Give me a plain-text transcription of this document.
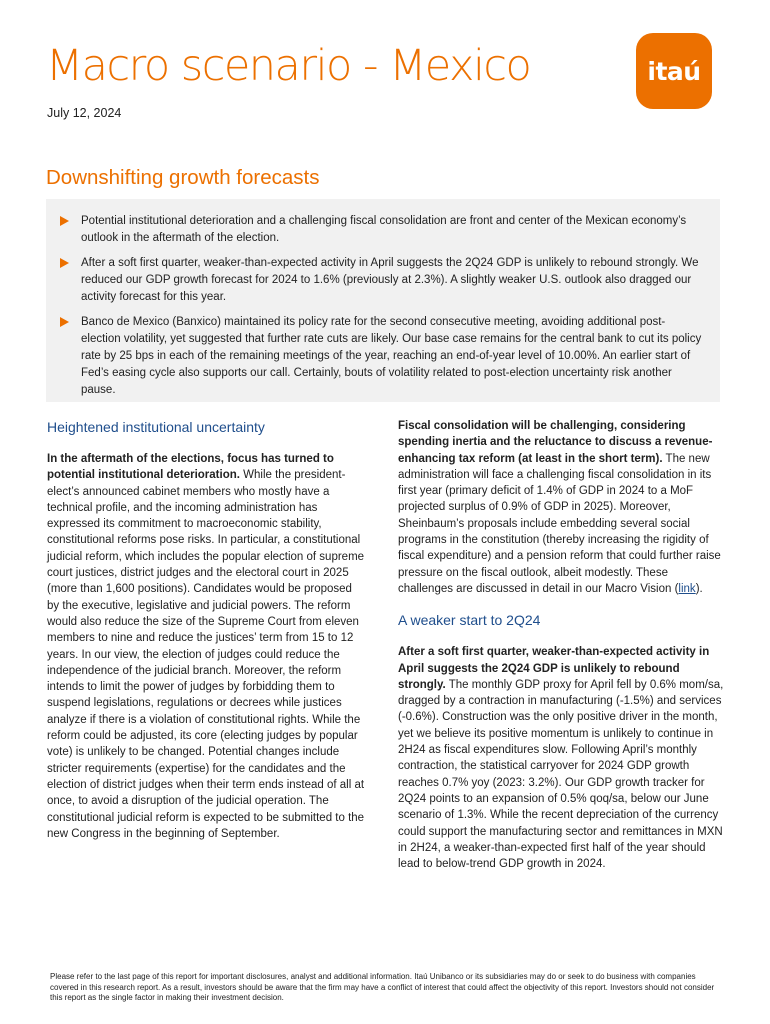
Macro scenario - Mexico
July 12, 2024
itaú
Downshifting growth forecasts

Potential institutional deterioration and a challenging fiscal consolidation are front and center of the Mexican economy’s outlook in the aftermath of the election.

After a soft first quarter, weaker-than-expected activity in April suggests the 2Q24 GDP is unlikely to rebound strongly. We reduced our GDP growth forecast for 2024 to 1.6% (previously at 2.3%). A slightly weaker U.S. outlook also dragged our activity forecast for this year.

Banco de Mexico (Banxico) maintained its policy rate for the second consecutive meeting, avoiding additional post-election volatility, yet suggested that further rate cuts are likely. Our base case remains for the central bank to cut its policy rate by 25 bps in each of the remaining meetings of the year, reaching an end-of-year level of 10.00%. An earlier start of Fed’s easing cycle also supports our call. Certainly, bouts of volatility related to post-election uncertainty risk another pause.

Heightened institutional uncertainty

In the aftermath of the elections, focus has turned to potential institutional deterioration. While the president-elect’s announced cabinet members who mostly have a technical profile, and the incoming administration has expressed its commitment to macroeconomic stability, constitutional reforms pose risks. In particular, a constitutional judicial reform, which includes the popular election of supreme court justices, district judges and the electoral court in 2025 (more than 1,600 positions). Candidates would be proposed by the executive, legislative and judicial powers. The reform would also reduce the size of the Supreme Court from eleven members to nine and reduce the justices’ term from 15 to 12 years. In our view, the election of judges could reduce the independence of the judicial branch. Moreover, the reform intends to limit the power of judges by forbidding them to suspend legislations, regulations or decrees while justices analyze if there is a violation of constitutional rights. While the reform could be adjusted, its core (electing judges by popular vote) is unlikely to be changed. Potential changes include stricter requirements (expertise) for the candidates and the election of district judges when their term ends instead of all at once, to avoid a disruption of the judicial operation. The constitutional judicial reform is expected to be submitted to the new Congress in the beginning of September.

Fiscal consolidation will be challenging, considering spending inertia and the reluctance to discuss a revenue-enhancing tax reform (at least in the short term). The new administration will face a challenging fiscal consolidation in its first year (primary deficit of 1.4% of GDP in 2024 to a MoF projected surplus of 0.9% of GDP in 2025). Moreover, Sheinbaum’s proposals include embedding several social programs in the constitution (thereby increasing the rigidity of fiscal expenditure) and a pension reform that could further raise pressure on the fiscal outlook, albeit modestly. These challenges are discussed in detail in our Macro Vision (link).

A weaker start to 2Q24

After a soft first quarter, weaker-than-expected activity in April suggests the 2Q24 GDP is unlikely to rebound strongly. The monthly GDP proxy for April fell by 0.6% mom/sa, dragged by a contraction in manufacturing (-1.5%) and services (-0.6%). Construction was the only positive driver in the month, yet we believe its positive momentum is unlikely to continue in 2H24 as fiscal expenditures slow. Following April’s monthly contraction, the statistical carryover for 2024 GDP growth reaches 0.7% yoy (2023: 3.2%). Our GDP growth tracker for 2Q24 points to an expansion of 0.5% qoq/sa, below our June scenario of 1.3%. While the recent depreciation of the currency could support the manufacturing sector and remittances in MXN in 2H24, a weaker-than-expected first half of the year should lead to below-trend GDP growth in 2024.

Please refer to the last page of this report for important disclosures, analyst and additional information. Itaú Unibanco or its subsidiaries may do or seek to do business with companies covered in this research report. As a result, investors should be aware that the firm may have a conflict of interest that could affect the objectivity of this report. Investors should not consider this report as the single factor in making their investment decision.
